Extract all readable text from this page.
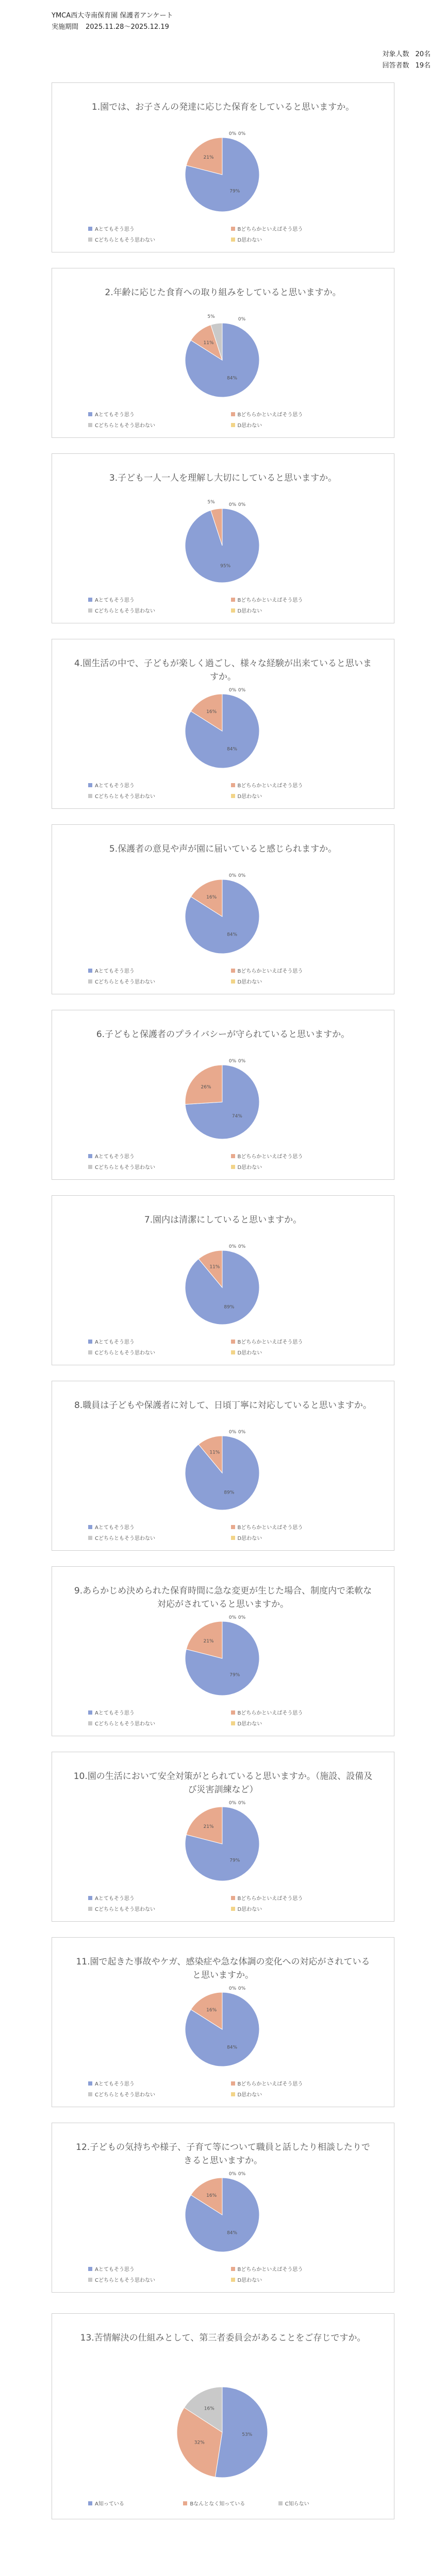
YMCA西大寺南保育園 保護者アンケート
実施期間 2025.11.28～2025.12.19
対象人数 20名
回答者数 19名
1.園では、お子さんの発達に応じた保育をしていると思いますか。
79%
21%
0% 0%
Aとてもそう思う	Bどちらかといえばそう思う
Cどちらともそう思わない	D思わない
2.年齢に応じた食育への取り組みをしていると思いますか。
84%
11%
5%	0%
Aとてもそう思う	Bどちらかといえばそう思う
Cどちらともそう思わない	D思わない
3.子ども一人一人を理解し大切にしていると思いますか。
95%
5%	0% 0%
Aとてもそう思う	Bどちらかといえばそう思う
Cどちらともそう思わない	D思わない
4.園生活の中で、子どもが楽しく過ごし、様々な経験が出来ていると思いま すか。
84%
16%
0% 0%
Aとてもそう思う	Bどちらかといえばそう思う
Cどちらともそう思わない	D思わない
5.保護者の意見や声が園に届いていると感じられますか。
84%
16%
0% 0%
Aとてもそう思う	Bどちらかといえばそう思う
Cどちらともそう思わない	D思わない
6.子どもと保護者のプライバシーが守られていると思いますか。
74%
26%
0% 0%
Aとてもそう思う	Bどちらかといえばそう思う
Cどちらともそう思わない	D思わない
7.園内は清潔にしていると思いますか。
89%
11%
0% 0%
Aとてもそう思う	Bどちらかといえばそう思う
Cどちらともそう思わない	D思わない
8.職員は子どもや保護者に対して、日頃丁寧に対応していると思いますか。
89%
11%
0% 0%
Aとてもそう思う	Bどちらかといえばそう思う
Cどちらともそう思わない	D思わない
9.あらかじめ決められた保育時間に急な変更が生じた場合、制度内で柔軟な対応がされていると思いますか。
79%
21%
0% 0%
Aとてもそう思う	Bどちらかといえばそう思う
Cどちらともそう思わない	D思わない
10.園の生活において安全対策がとられていると思いますか。（施設、設備及び災害訓練など）
79%
21%
0% 0%
Aとてもそう思う	Bどちらかといえばそう思う
Cどちらともそう思わない	D思わない
11.園で起きた事故やケガ、感染症や急な体調の変化への対応がされていると思いますか。
84%
16%
0% 0%
Aとてもそう思う	Bどちらかといえばそう思う
Cどちらともそう思わない	D思わない
12.子どもの気持ちや様子、子育て等について職員と話したり相談したりできると思いますか。
84%
16%
0% 0%
Aとてもそう思う	Bどちらかといえばそう思う
Cどちらともそう思わない	D思わない
13.苦情解決の仕組みとして、第三者委員会があることをご存じですか。
53%
32%
16%
A知っている	Bなんとなく知っている	C知らない
